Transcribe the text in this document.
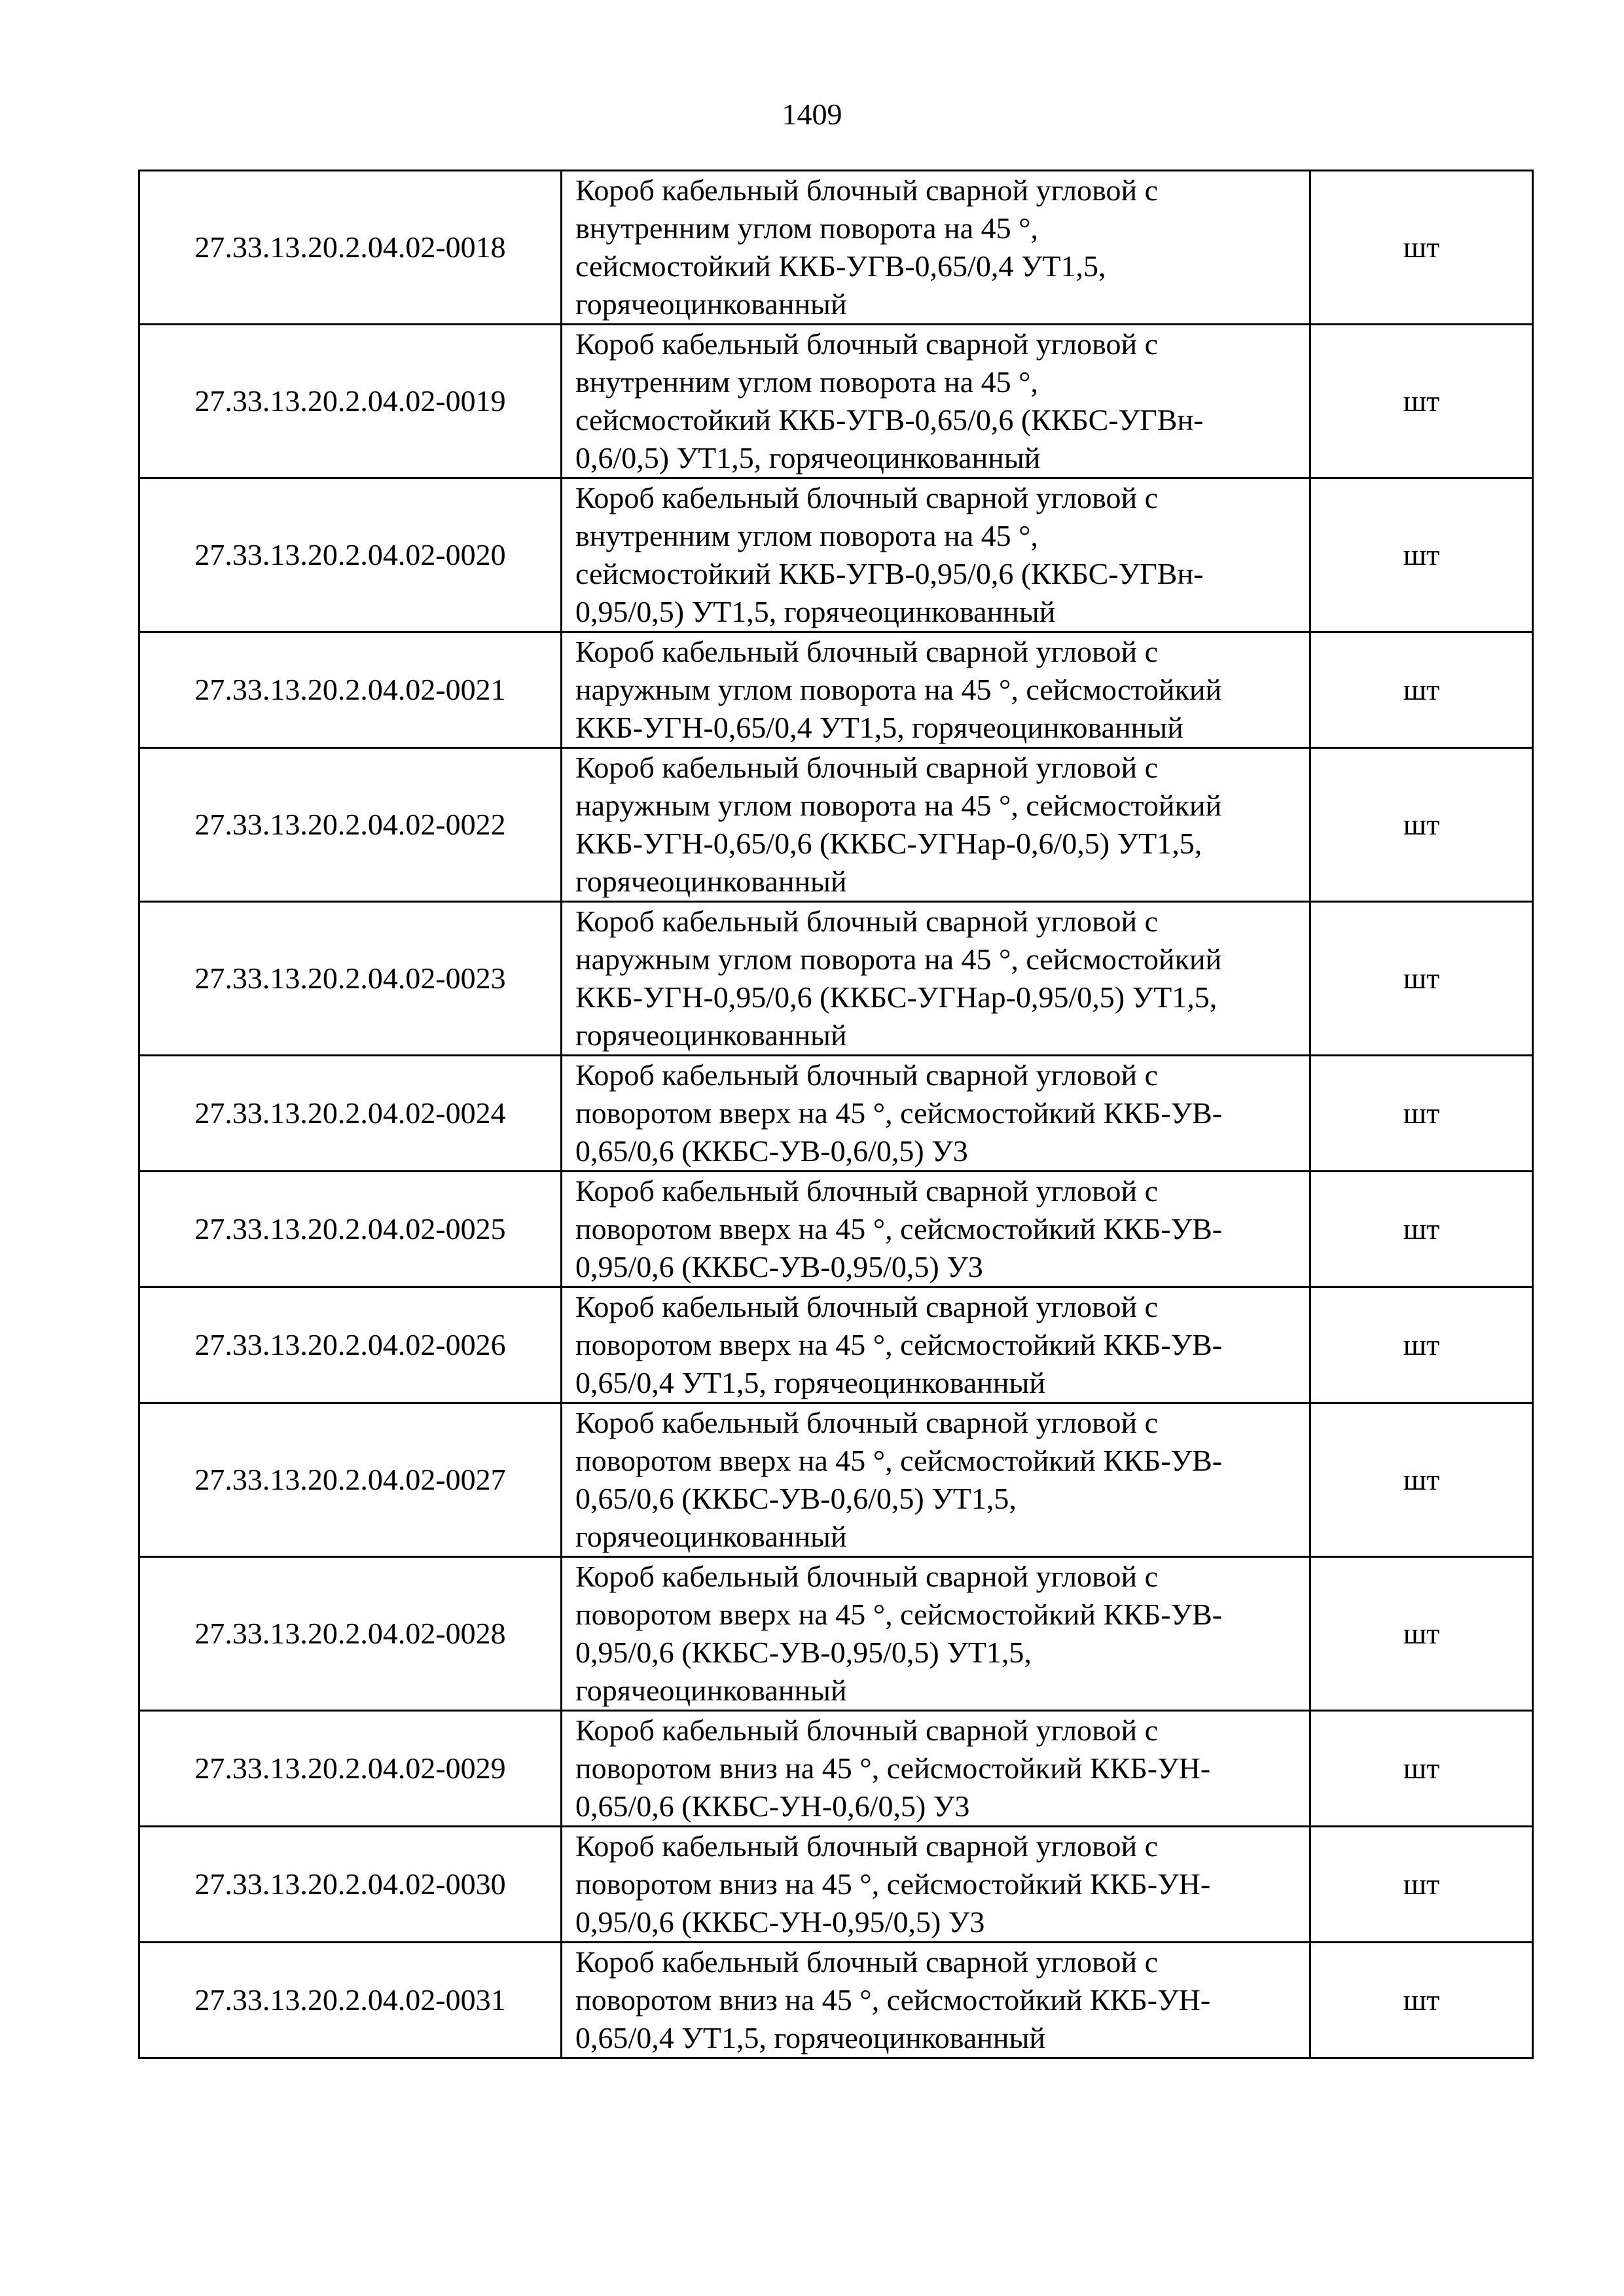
1409
27.33.13.20.2.04.02-0018	Короб кабельный блочный сварной угловой с
внутренним углом поворота на 45 °,
сейсмостойкий ККБ-УГВ-0,65/0,4 УТ1,5,
горячеоцинкованный	шт
27.33.13.20.2.04.02-0019	Короб кабельный блочный сварной угловой с
внутренним углом поворота на 45 °,
сейсмостойкий ККБ-УГВ-0,65/0,6 (ККБС-УГВн-
0,6/0,5) УТ1,5, горячеоцинкованный	шт
27.33.13.20.2.04.02-0020	Короб кабельный блочный сварной угловой с
внутренним углом поворота на 45 °,
сейсмостойкий ККБ-УГВ-0,95/0,6 (ККБС-УГВн-
0,95/0,5) УТ1,5, горячеоцинкованный	шт
27.33.13.20.2.04.02-0021	Короб кабельный блочный сварной угловой с
наружным углом поворота на 45 °, сейсмостойкий
ККБ-УГН-0,65/0,4 УТ1,5, горячеоцинкованный	шт
27.33.13.20.2.04.02-0022	Короб кабельный блочный сварной угловой с
наружным углом поворота на 45 °, сейсмостойкий
ККБ-УГН-0,65/0,6 (ККБС-УГНар-0,6/0,5) УТ1,5,
горячеоцинкованный	шт
27.33.13.20.2.04.02-0023	Короб кабельный блочный сварной угловой с
наружным углом поворота на 45 °, сейсмостойкий
ККБ-УГН-0,95/0,6 (ККБС-УГНар-0,95/0,5) УТ1,5,
горячеоцинкованный	шт
27.33.13.20.2.04.02-0024	Короб кабельный блочный сварной угловой с
поворотом вверх на 45 °, сейсмостойкий ККБ-УВ-
0,65/0,6 (ККБС-УВ-0,6/0,5) У3	шт
27.33.13.20.2.04.02-0025	Короб кабельный блочный сварной угловой с
поворотом вверх на 45 °, сейсмостойкий ККБ-УВ-
0,95/0,6 (ККБС-УВ-0,95/0,5) У3	шт
27.33.13.20.2.04.02-0026	Короб кабельный блочный сварной угловой с
поворотом вверх на 45 °, сейсмостойкий ККБ-УВ-
0,65/0,4 УТ1,5, горячеоцинкованный	шт
27.33.13.20.2.04.02-0027	Короб кабельный блочный сварной угловой с
поворотом вверх на 45 °, сейсмостойкий ККБ-УВ-
0,65/0,6 (ККБС-УВ-0,6/0,5) УТ1,5,
горячеоцинкованный	шт
27.33.13.20.2.04.02-0028	Короб кабельный блочный сварной угловой с
поворотом вверх на 45 °, сейсмостойкий ККБ-УВ-
0,95/0,6 (ККБС-УВ-0,95/0,5) УТ1,5,
горячеоцинкованный	шт
27.33.13.20.2.04.02-0029	Короб кабельный блочный сварной угловой с
поворотом вниз на 45 °, сейсмостойкий ККБ-УН-
0,65/0,6 (ККБС-УН-0,6/0,5) У3	шт
27.33.13.20.2.04.02-0030	Короб кабельный блочный сварной угловой с
поворотом вниз на 45 °, сейсмостойкий ККБ-УН-
0,95/0,6 (ККБС-УН-0,95/0,5) У3	шт
27.33.13.20.2.04.02-0031	Короб кабельный блочный сварной угловой с
поворотом вниз на 45 °, сейсмостойкий ККБ-УН-
0,65/0,4 УТ1,5, горячеоцинкованный	шт
